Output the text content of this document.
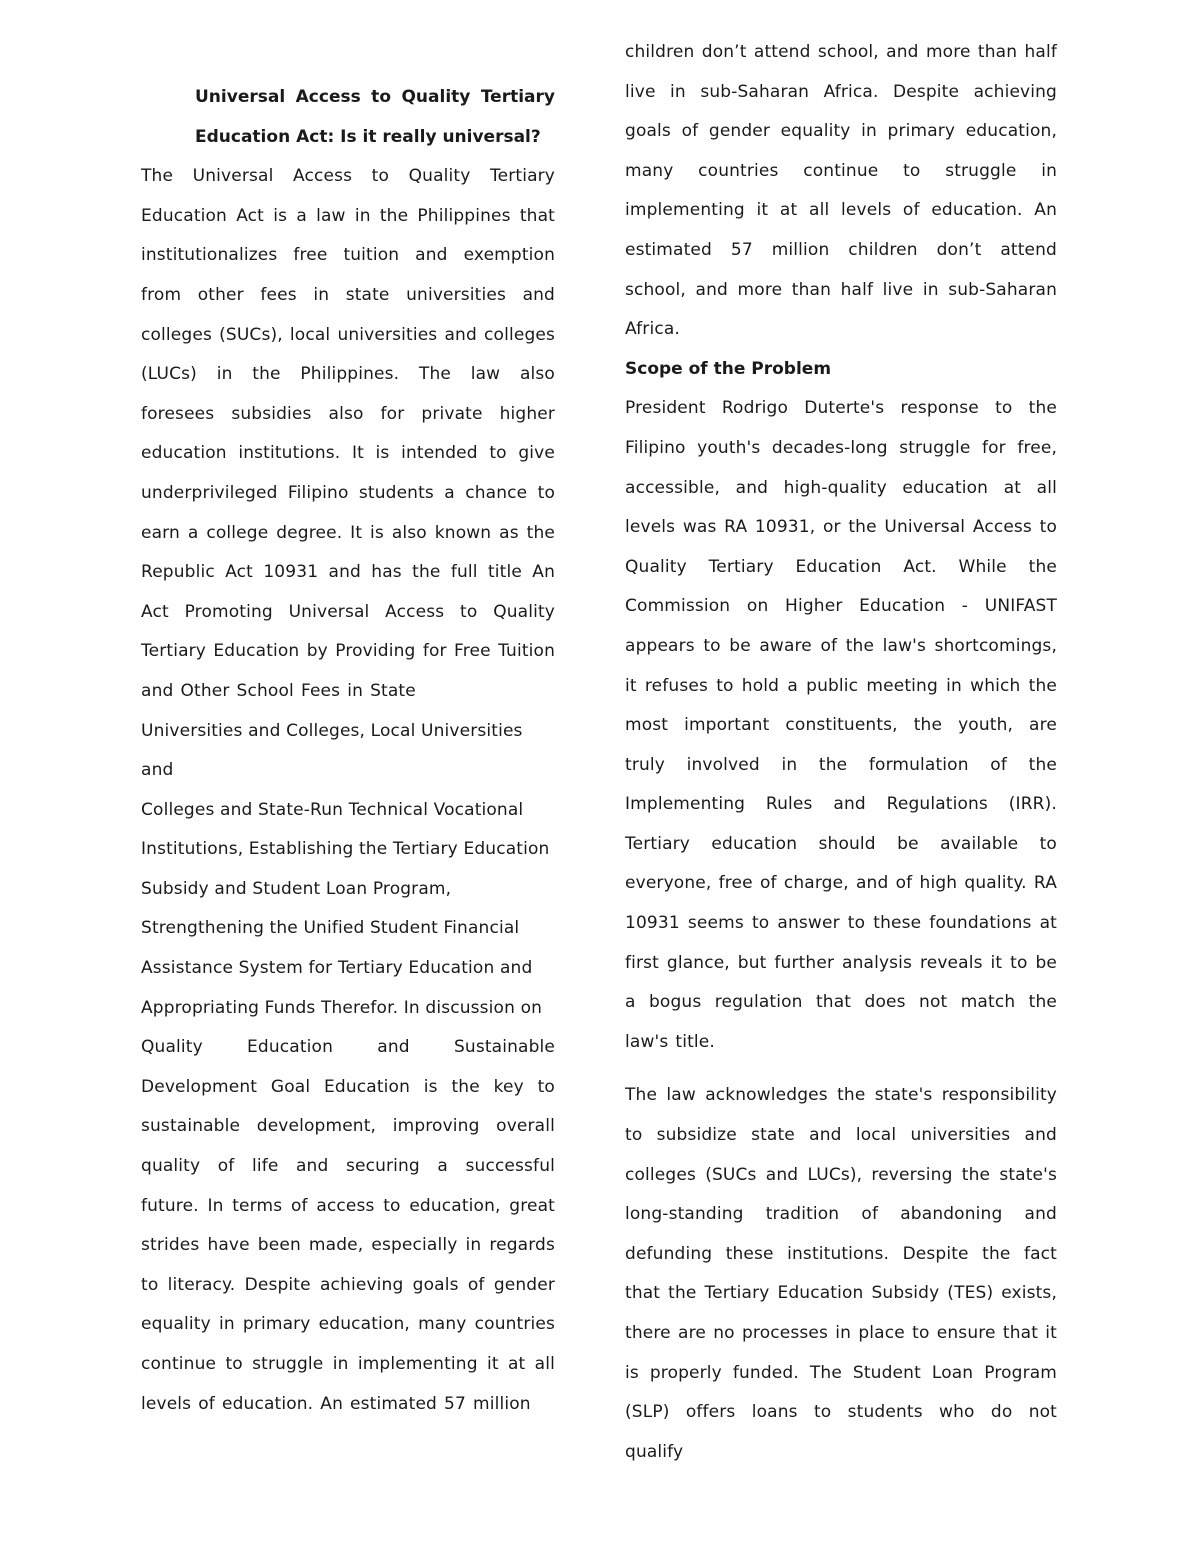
Universal Access to Quality Tertiary
Education Act: Is it really universal?

The Universal Access to Quality Tertiary Education Act is a law in the Philippines that institutionalizes free tuition and exemption from other fees in state universities and colleges (SUCs), local universities and colleges (LUCs) in the Philippines. The law also foresees subsidies also for private higher education institutions. It is intended to give underprivileged Filipino students a chance to earn a college degree. It is also known as the Republic Act 10931 and has the full title An Act Promoting Universal Access to Quality Tertiary Education by Providing for Free Tuition and Other School Fees in State

Universities and Colleges, Local Universities and
Colleges and State-Run Technical Vocational
Institutions, Establishing the Tertiary Education
Subsidy and Student Loan Program,
Strengthening the Unified Student Financial
Assistance System for Tertiary Education and
Appropriating Funds Therefor. In discussion on

Quality Education and Sustainable Development Goal Education is the key to sustainable development, improving overall quality of life and securing a successful future. In terms of access to education, great strides have been made, especially in regards to literacy. Despite achieving goals of gender equality in primary education, many countries continue to struggle in implementing it at all levels of education. An estimated 57 million

children don’t attend school, and more than half live in sub-Saharan Africa. Despite achieving goals of gender equality in primary education, many countries continue to struggle in implementing it at all levels of education. An estimated 57 million children don’t attend school, and more than half live in sub-Saharan Africa.

Scope of the Problem

President Rodrigo Duterte's response to the Filipino youth's decades-long struggle for free, accessible, and high-quality education at all levels was RA 10931, or the Universal Access to Quality Tertiary Education Act. While the Commission on Higher Education - UNIFAST appears to be aware of the law's shortcomings, it refuses to hold a public meeting in which the most important constituents, the youth, are truly involved in the formulation of the Implementing Rules and Regulations (IRR). Tertiary education should be available to everyone, free of charge, and of high quality. RA 10931 seems to answer to these foundations at first glance, but further analysis reveals it to be a bogus regulation that does not match the law's title.

The law acknowledges the state's responsibility to subsidize state and local universities and colleges (SUCs and LUCs), reversing the state's long-standing tradition of abandoning and defunding these institutions. Despite the fact that the Tertiary Education Subsidy (TES) exists, there are no processes in place to ensure that it is properly funded. The Student Loan Program (SLP) offers loans to students who do not qualify
